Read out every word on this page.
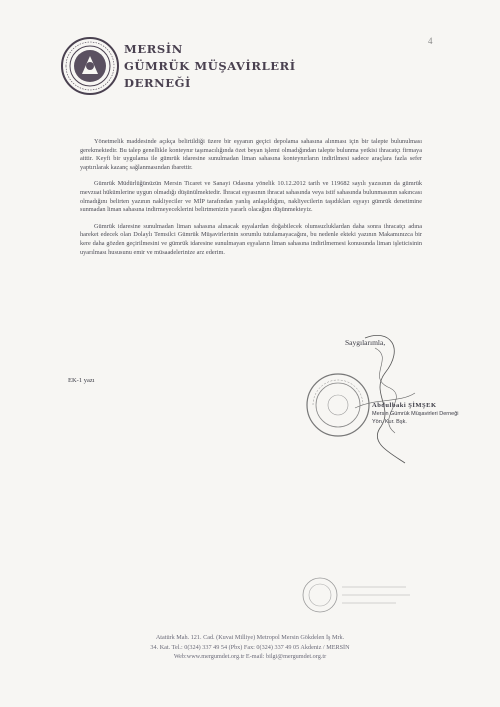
4
MERSİN
GÜMRÜK MÜŞAVİRLERİ
DERNEĞİ

Yönetmelik maddesinde açıkça belirtildiği üzere bir eşyanın geçici depolama sahasına alınması için bir talepte bulunulması gerekmektedir. Bu talep genellikle konteynır taşımacılığında özet beyan işlemi olmadığından talepte bulunma yetkisi ihracatçı firmaya aittir. Keyfi bir uygulama ile gümrük idaresine sunulmadan liman sahasına konteynırların indirilmesi sadece araçlara fazla sefer yaptırılarak kazanç sağlanmasından ibarettir.

Gümrük Müdürlüğünüzün Mersin Ticaret ve Sanayi Odasına yönelik 10.12.2012 tarih ve 119682 sayılı yazısının da gümrük mevzuat hükümlerine uygun olmadığı düşünülmektedir. İhracat eşyasının ihracat sahasında veya istif sahasında bulunmasının sakıncası olmadığını belirten yazının nakliyeciler ve MİP tarafından yanlış anlaşıldığını, nakliyecilerin taşıdıkları eşyayı gümrük denetimine sunmadan liman sahasına indirmeyeceklerini belirtmenizin yararlı olacağını düşünmekteyiz.

Gümrük idaresine sunulmadan liman sahasına alınacak eşyalardan doğabilecek olumsuzluklardan daha sonra ihracatçı adına hareket edecek olan Dolaylı Temsilci Gümrük Müşavirlerinin sorumlu tutulamayacağını, bu nedenle ekteki yazının Makamınızca bir kere daha gözden geçirilmesini ve gümrük idaresine sunulmayan eşyaların liman sahasına indirilmemesi konusunda liman işleticisinin uyarılması hususunu emir ve müsaadelerinize arz ederim.

Saygılarımla,
EK-1 yazı
Abdulbaki ŞİMŞEK
Mersin Gümrük Müşavirleri Derneği
Yön. Kur. Bşk.
Atatürk Mah. 121. Cad. (Kuvai Milliye) Metropol Mersin Gökdelen İş Mrk.
34. Kat. Tel.: 0(324) 337 49 54 (Pbx) Fax: 0(324) 337 49 05 Akdeniz / MERSİN
Web:www.mergumdet.org.tr E-mail: bilgi@mergumdet.org.tr
